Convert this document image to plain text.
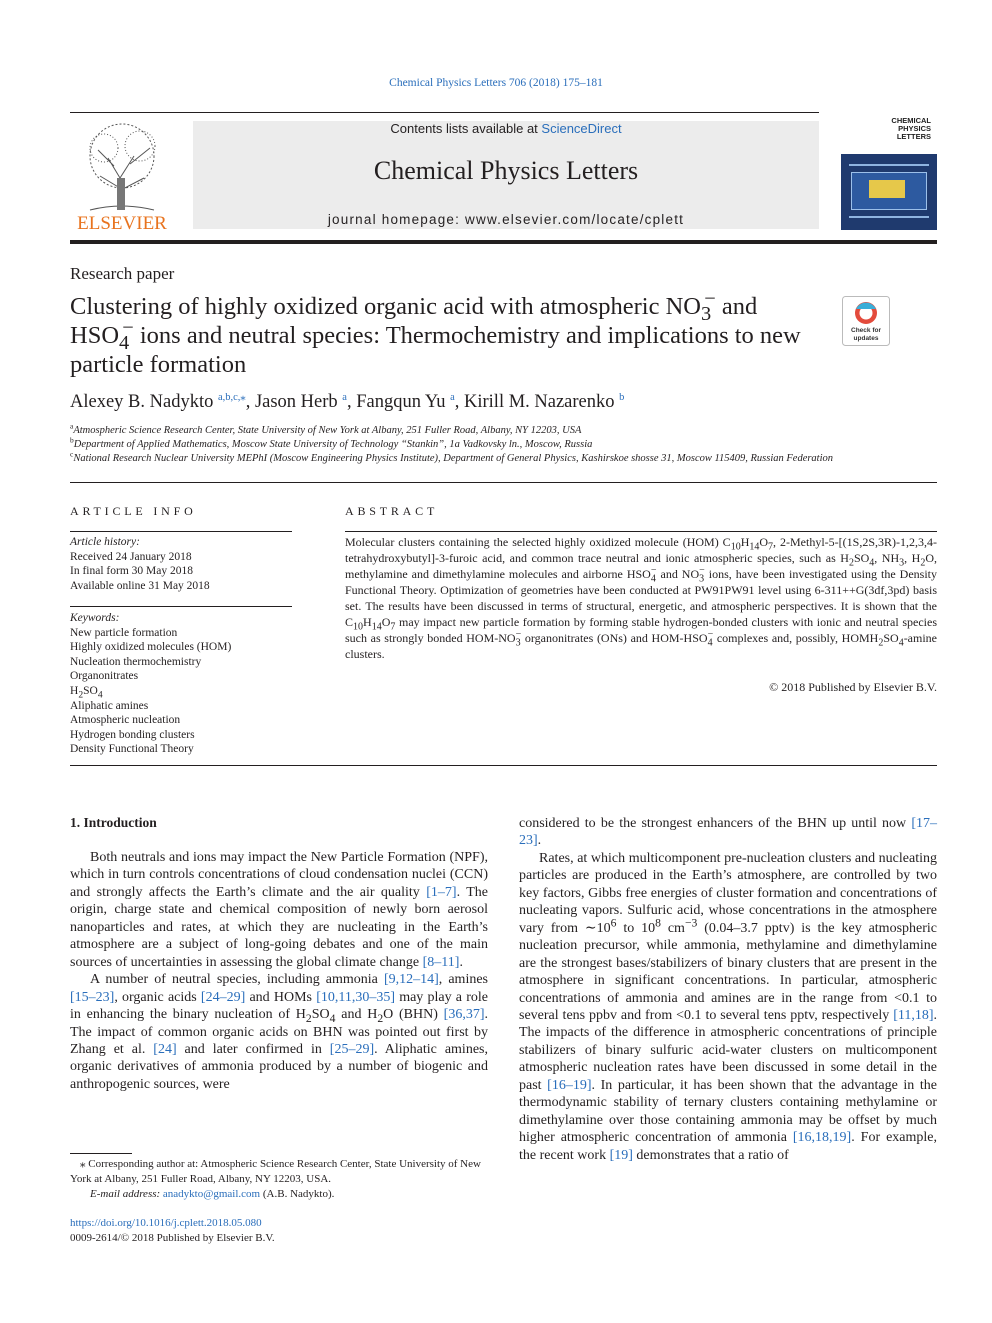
Chemical Physics Letters 706 (2018) 175–181
ELSEVIER
Contents lists available at ScienceDirect
Chemical Physics Letters
journal homepage: www.elsevier.com/locate/cplett
CHEMICAL PHYSICS LETTERS
Research paper
Clustering of highly oxidized organic acid with atmospheric $NO_3^-$ and $HSO_4^-$ ions and neutral species: Thermochemistry and implications to new particle formation
Check for
updates
Alexey B. Nadykto $^{a,b,c,⁎}$, Jason Herb $^a$, Fangqun Yu $^a$, Kirill M. Nazarenko $^b$
$^a$Atmospheric Science Research Center, State University of New York at Albany, 251 Fuller Road, Albany, NY 12203, USA
$^b$Department of Applied Mathematics, Moscow State University of Technology “Stankin”, 1a Vadkovsky ln., Moscow, Russia
$^c$National Research Nuclear University MEPhI (Moscow Engineering Physics Institute), Department of General Physics, Kashirskoe shosse 31, Moscow 115409, Russian Federation
ARTICLE INFO
Article history:
Received 24 January 2018
In final form 30 May 2018
Available online 31 May 2018
Keywords:
New particle formation
Highly oxidized molecules (HOM)
Nucleation thermochemistry
Organonitrates
$H_2SO_4$
Aliphatic amines
Atmospheric nucleation
Hydrogen bonding clusters
Density Functional Theory
ABSTRACT
Molecular clusters containing the selected highly oxidized molecule (HOM) $C_{10}H_{14}O_7$, 2-Methyl-5-[(1S,2S,3R)-1,2,3,4-tetrahydroxybutyl]-3-furoic acid, and common trace neutral and ionic atmospheric species, such as $H_2SO_4$, $NH_3$, $H_2O$, methylamine and dimethylamine molecules and airborne $HSO_4^-$ and $NO_3^-$ ions, have been investigated using the Density Functional Theory. Optimization of geometries have been conducted at PW91PW91 level using 6-311++G(3df,3pd) basis set. The results have been discussed in terms of structural, energetic, and atmospheric perspectives. It is shown that the $C_{10}H_{14}O_7$ may impact new particle formation by forming stable hydrogen-bonded clusters with ionic and neutral species such as strongly bonded HOM-$NO_3^-$ organonitrates (ONs) and HOM-$HSO_4^-$ complexes and, possibly, $HOMH_2SO_4$-amine clusters.
© 2018 Published by Elsevier B.V.
1. Introduction

Both neutrals and ions may impact the New Particle Formation (NPF), which in turn controls concentrations of cloud condensation nuclei (CCN) and strongly affects the Earth’s climate and the air quality [1–7]. The origin, charge state and chemical composition of newly born aerosol nanoparticles and rates, at which they are nucleating in the Earth’s atmosphere are a subject of long-going debates and one of the main sources of uncertainties in assessing the global climate change [8–11].

A number of neutral species, including ammonia [9,12–14], amines [15–23], organic acids [24–29] and HOMs [10,11,30–35] may play a role in enhancing the binary nucleation of $H_2SO_4$ and $H_2O$ (BHN) [36,37]. The impact of common organic acids on BHN was pointed out first by Zhang et al. [24] and later confirmed in [25–29]. Aliphatic amines, organic derivatives of ammonia produced by a number of biogenic and anthropogenic sources, were

considered to be the strongest enhancers of the BHN up until now [17–23].

Rates, at which multicomponent pre-nucleation clusters and nucleating particles are produced in the Earth’s atmosphere, are controlled by two key factors, Gibbs free energies of cluster formation and concentrations of nucleating vapors. Sulfuric acid, whose concentrations in the atmosphere vary from $\sim 10^6$ to $10^8$ $cm^{-3}$ (0.04–3.7 pptv) is the key atmospheric nucleation precursor, while ammonia, methylamine and dimethylamine are the strongest bases/stabilizers of binary clusters that are present in the atmosphere in significant concentrations. In particular, atmospheric concentrations of ammonia and amines are in the range from <0.1 to several tens ppbv and from <0.1 to several tens pptv, respectively [11,18]. The impacts of the difference in atmospheric concentrations of principle stabilizers of binary sulfuric acid-water clusters on multicomponent atmospheric nucleation rates have been discussed in some detail in the past [16–19]. In particular, it has been shown that the advantage in the thermodynamic stability of ternary clusters containing methylamine or dimethylamine over those containing ammonia may be offset by much higher atmospheric concentration of ammonia [16,18,19]. For example, the recent work [19] demonstrates that a ratio of

⁎ Corresponding author at: Atmospheric Science Research Center, State University of New York at Albany, 251 Fuller Road, Albany, NY 12203, USA.
E-mail address: anadykto@gmail.com (A.B. Nadykto).
https://doi.org/10.1016/j.cplett.2018.05.080
0009-2614/© 2018 Published by Elsevier B.V.
